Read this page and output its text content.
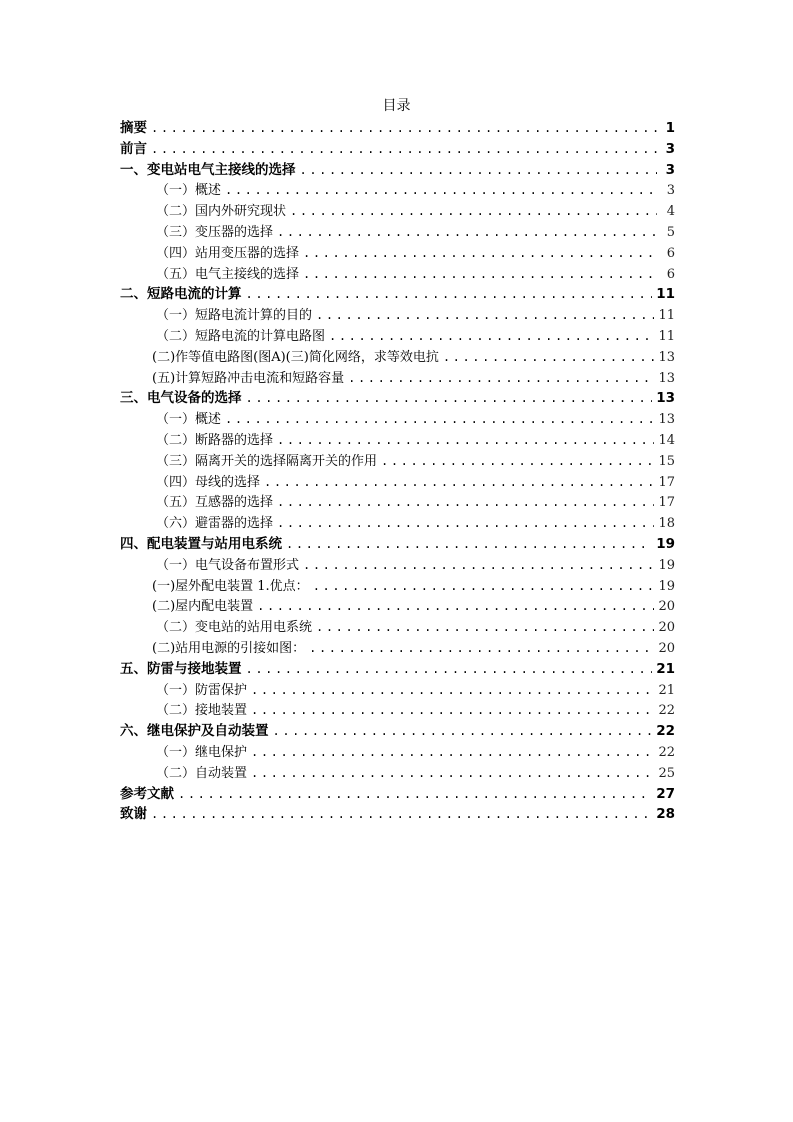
目录
摘要 .....	1
前言 .....	3
一、变电站电气主接线的选择 .....	3
（一）概述 .....	3
（二）国内外研究现状 .....	4
（三）变压器的选择 .....	5
（四）站用变压器的选择 .....	6
（五）电气主接线的选择 .....	6
二、短路电流的计算 .....	11
（一）短路电流计算的目的 .....	11
（二）短路电流的计算电路图 .....	11
(二)作等值电路图(图A)(三)简化网络，求等效电抗 .....	13
(五)计算短路冲击电流和短路容量 .....	13
三、电气设备的选择 .....	13
（一）概述 .....	13
（二）断路器的选择 .....	14
（三）隔离开关的选择隔离开关的作用 .....	15
（四）母线的选择 .....	17
（五）互感器的选择 .....	17
（六）避雷器的选择 .....	18
四、配电装置与站用电系统 .....	19
（一）电气设备布置形式 .....	19
(一)屋外配电装置 1.优点： .....	19
(二)屋内配电装置 .....	20
（二）变电站的站用电系统 .....	20
(二)站用电源的引接如图： .....	20
五、防雷与接地装置 .....	21
（一）防雷保护 .....	21
（二）接地装置 .....	22
六、继电保护及自动装置 .....	22
（一）继电保护 .....	22
（二）自动装置 .....	25
参考文献 .....	27
致谢 .....	28
